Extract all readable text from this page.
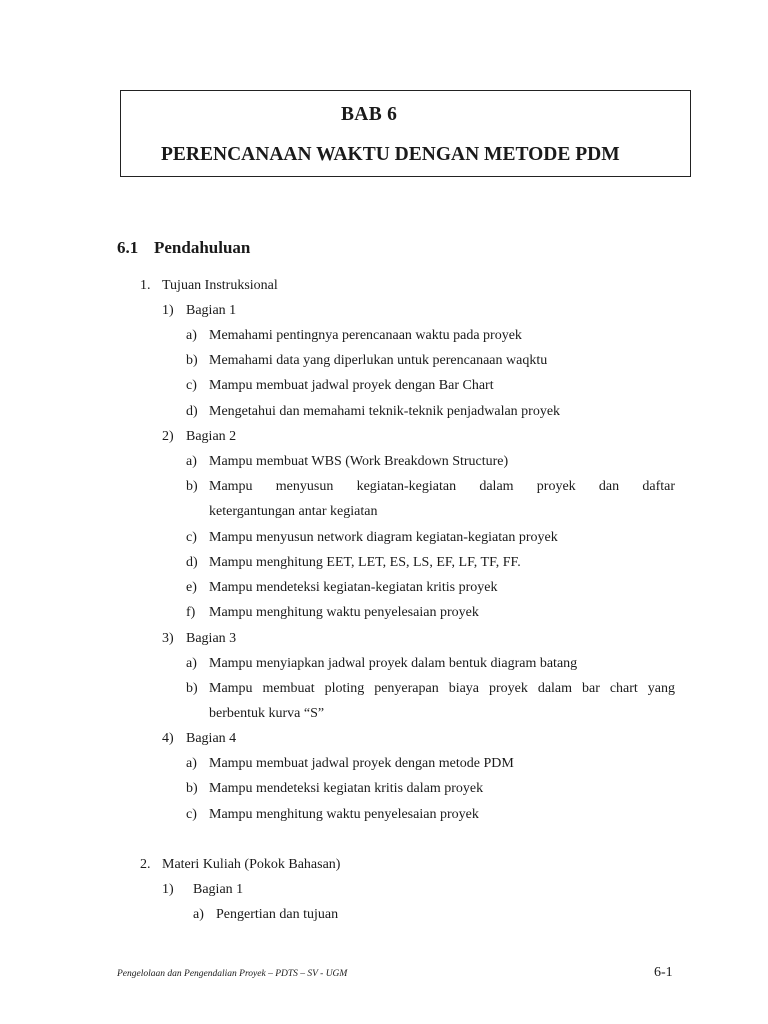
BAB 6
PERENCANAAN WAKTU DENGAN METODE PDM
6.1 Pendahuluan
1. Tujuan Instruksional
1) Bagian 1
a) Memahami pentingnya perencanaan waktu pada proyek
b) Memahami data yang diperlukan untuk perencanaan waqktu
c) Mampu membuat jadwal proyek dengan Bar Chart
d) Mengetahui dan memahami teknik-teknik penjadwalan proyek
2) Bagian 2
a) Mampu membuat WBS (Work Breakdown Structure)
b) Mampu menyusun kegiatan-kegiatan dalam proyek dan daftar
ketergantungan antar kegiatan
c) Mampu menyusun network diagram kegiatan-kegiatan proyek
d) Mampu menghitung EET, LET, ES, LS, EF, LF, TF, FF.
e) Mampu mendeteksi kegiatan-kegiatan kritis proyek
f) Mampu menghitung waktu penyelesaian proyek
3) Bagian 3
a) Mampu menyiapkan jadwal proyek dalam bentuk diagram batang
b) Mampu membuat ploting penyerapan biaya proyek dalam bar chart yang
berbentuk kurva “S”
4) Bagian 4
a) Mampu membuat jadwal proyek dengan metode PDM
b) Mampu mendeteksi kegiatan kritis dalam proyek
c) Mampu menghitung waktu penyelesaian proyek
2. Materi Kuliah (Pokok Bahasan)
1) Bagian 1
a) Pengertian dan tujuan
Pengelolaan dan Pengendalian Proyek – PDTS – SV - UGM	6-1
